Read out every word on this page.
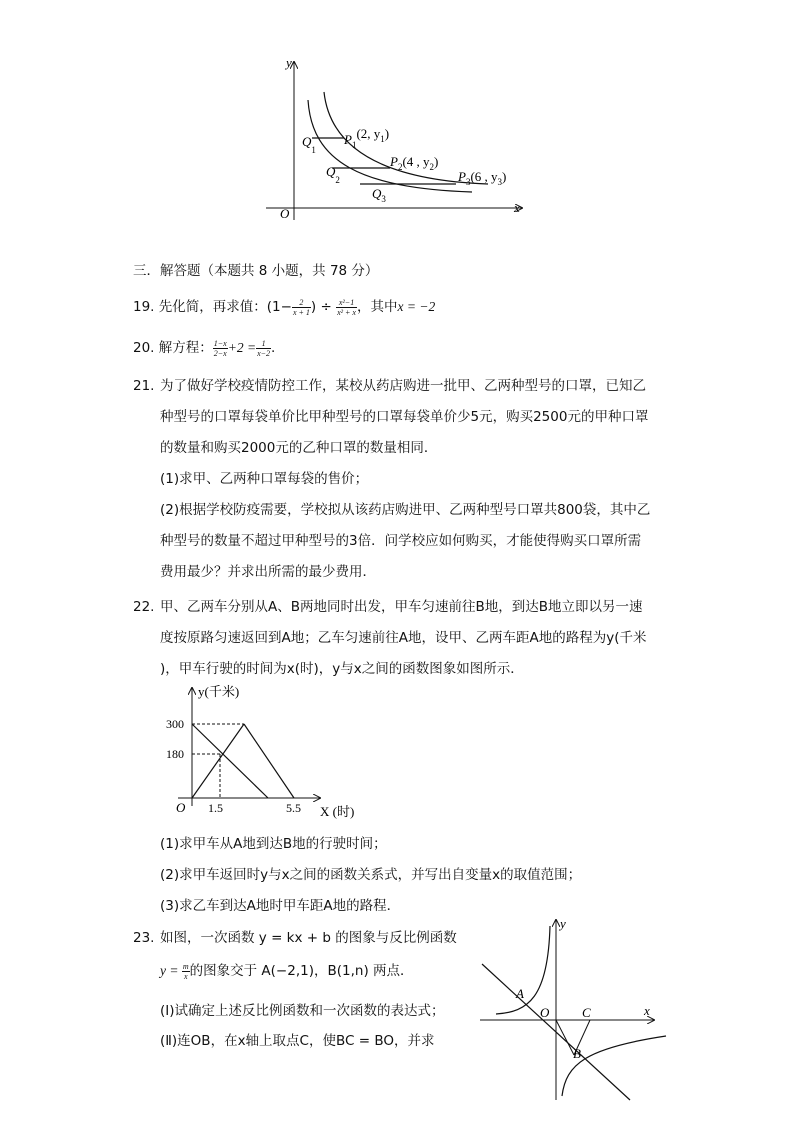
y
x
O
$P_1(2$, $y_1$)
$P_2(4$ , $y_2$)
$P_3(6$ , $y_3$)
$Q_1$
$Q_2$
$Q_3$
三．解答题（本题共 8 小题，共 78 分）
19. 先化简，再求值：($1- \frac{2}{x + 1}$ ) ÷ $\frac{\text{x²−1}}{\text{x² + x}}$ ，其中x = −2
20. 解方程： $\frac{1-x}{2-x} +2 = \frac{1}{x-2}$ .
21. 为了做好学校疫情防控工作，某校从药店购进一批甲、乙两种型号的口罩，已知乙
种型号的口罩每袋单价比甲种型号的口罩每袋单价少5元，购买2500元的甲种口罩
的数量和购买2000元的乙种口罩的数量相同．
(1)求甲、乙两种口罩每袋的售价；
(2)根据学校防疫需要，学校拟从该药店购进甲、乙两种型号口罩共800袋，其中乙
种型号的数量不超过甲种型号的3倍．问学校应如何购买，才能使得购买口罩所需
费用最少？并求出所需的最少费用．
22. 甲、乙两车分别从A、B两地同时出发，甲车匀速前往B地，到达B地立即以另一速
度按原路匀速返回到A地；乙车匀速前往A地，设甲、乙两车距A地的路程为y(千米
)，甲车行驶的时间为x(时)，y与x之间的函数图象如图所示．
y(千米)
X (时)
O
300
180
1.5	5.5
(1)求甲车从A地到达B地的行驶时间；
(2)求甲车返回时y与x之间的函数关系式，并写出自变量x的取值范围；
(3)求乙车到达A地时甲车距A地的路程．
23. 如图，一次函数 y = kx + b 的图象与反比例函数
$y = \frac{m}{x}$ 的图象交于 A(−2,1)，B(1,n) 两点．
(Ⅰ)试确定上述反比例函数和一次函数的表达式；
(Ⅱ)连OB，在x轴上取点C，使BC = BO，并求
x
y
O
A
B
C
